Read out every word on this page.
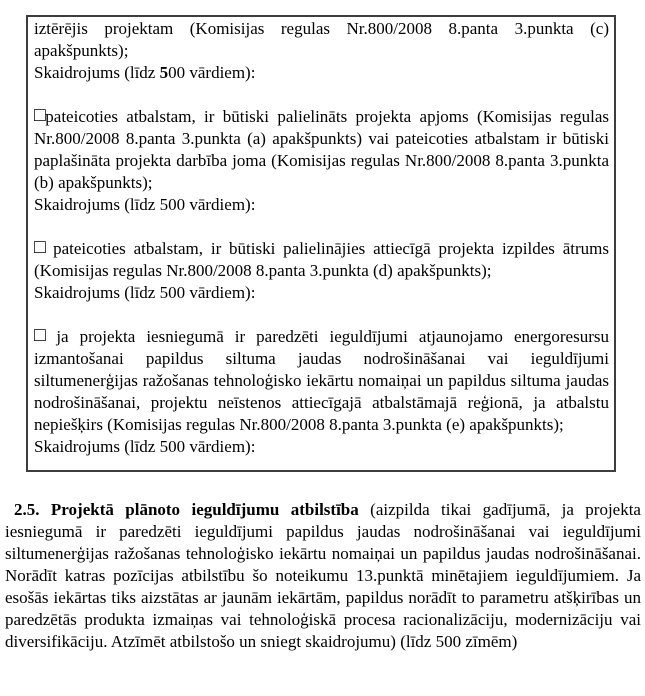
iztērējis projektam (Komisijas regulas Nr.800/2008 8.panta 3.punkta (c) apakšpunkts);

Skaidrojums (līdz 500 vārdiem):

□pateicoties atbalstam, ir būtiski palielināts projekta apjoms (Komisijas regulas Nr.800/2008 8.panta 3.punkta (a) apakšpunkts) vai pateicoties atbalstam ir būtiski paplašināta projekta darbība joma (Komisijas regulas Nr.800/2008 8.panta 3.punkta (b) apakšpunkts);

Skaidrojums (līdz 500 vārdiem):

□ pateicoties atbalstam, ir būtiski palielinājies attiecīgā projekta izpildes ātrums (Komisijas regulas Nr.800/2008 8.panta 3.punkta (d) apakšpunkts);

Skaidrojums (līdz 500 vārdiem):

□ ja projekta iesniegumā ir paredzēti ieguldījumi atjaunojamo energoresursu izmantošanai papildus siltuma jaudas nodrošināšanai vai ieguldījumi siltumenerģijas ražošanas tehnoloģisko iekārtu nomaiņai un papildus siltuma jaudas nodrošināšanai, projektu neīstenos attiecīgajā atbalstāmajā reģionā, ja atbalstu nepiešķirs (Komisijas regulas Nr.800/2008 8.panta 3.punkta (e) apakšpunkts);

Skaidrojums (līdz 500 vārdiem):

2.5. Projektā plānoto ieguldījumu atbilstība (aizpilda tikai gadījumā, ja projekta iesniegumā ir paredzēti ieguldījumi papildus jaudas nodrošināšanai vai ieguldījumi siltumenerģijas ražošanas tehnoloģisko iekārtu nomaiņai un papildus jaudas nodrošināšanai. Norādīt katras pozīcijas atbilstību šo noteikumu 13.punktā minētajiem ieguldījumiem. Ja esošās iekārtas tiks aizstātas ar jaunām iekārtām, papildus norādīt to parametru atšķirības un paredzētās produkta izmaiņas vai tehnoloģiskā procesa racionalizāciju, modernizāciju vai diversifikāciju. Atzīmēt atbilstošo un sniegt skaidrojumu) (līdz 500 zīmēm)
